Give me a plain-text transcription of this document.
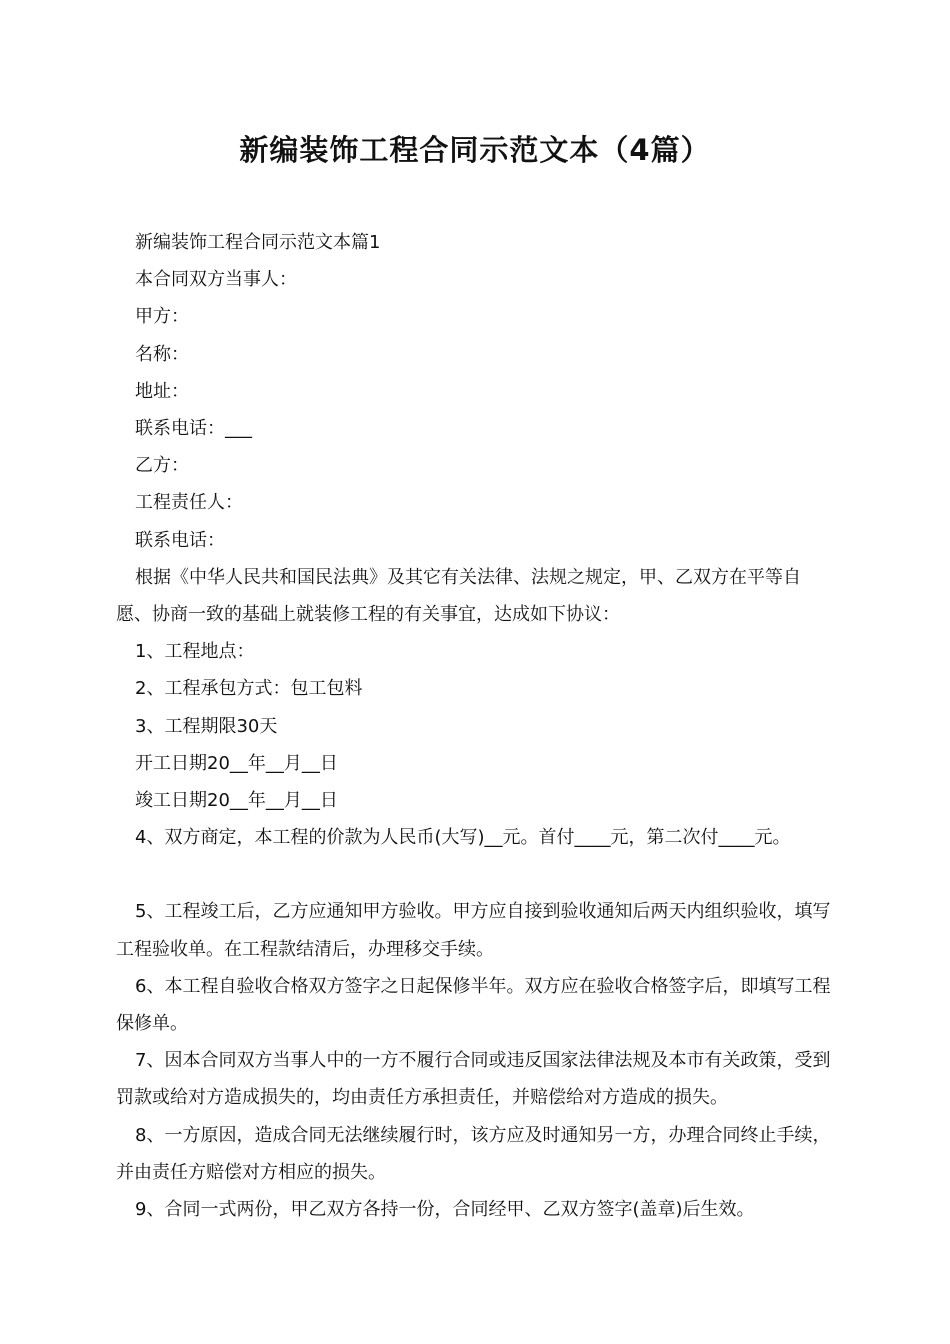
新编装饰工程合同示范文本（4篇）

新编装饰工程合同示范文本篇1

本合同双方当事人：

甲方：

名称：

地址：

联系电话：___

乙方：

工程责任人：

联系电话：

根据《中华人民共和国民法典》及其它有关法律、法规之规定，甲、乙双方在平等自愿、协商一致的基础上就装修工程的有关事宜，达成如下协议：

1、工程地点：

2、工程承包方式：包工包料

3、工程期限30天

开工日期20__年__月__日

竣工日期20__年__月__日

4、双方商定，本工程的价款为人民币(大写)__元。首付____元，第二次付____元。

5、工程竣工后，乙方应通知甲方验收。甲方应自接到验收通知后两天内组织验收，填写工程验收单。在工程款结清后，办理移交手续。

6、本工程自验收合格双方签字之日起保修半年。双方应在验收合格签字后，即填写工程保修单。

7、因本合同双方当事人中的一方不履行合同或违反国家法律法规及本市有关政策，受到罚款或给对方造成损失的，均由责任方承担责任，并赔偿给对方造成的损失。

8、一方原因，造成合同无法继续履行时，该方应及时通知另一方，办理合同终止手续，并由责任方赔偿对方相应的损失。

9、合同一式两份，甲乙双方各持一份，合同经甲、乙双方签字(盖章)后生效。
